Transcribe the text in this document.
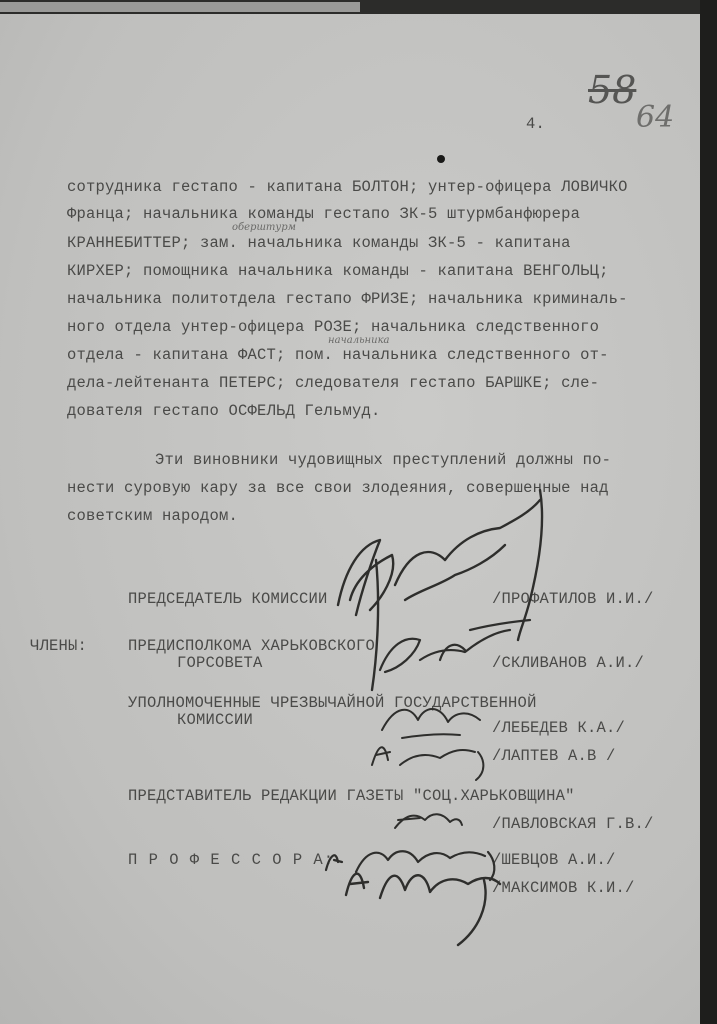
58
64
4.
сотрудника гестапо - капитана БОЛТОН; унтер-офицера ЛОВИЧКО
Франца; начальника команды гестапо ЗК-5 штурмбанфюрера
оберштурм
КРАННЕБИТТЕР; зам. начальника команды ЗК-5 - капитана
КИРХЕР; помощника начальника команды - капитана ВЕНГОЛЬЦ;
начальника политотдела гестапо ФРИЗЕ; начальника криминаль-
ного отдела унтер-офицера РОЗЕ; начальника следственного
начальника
отдела - капитана ФАСТ; пом. начальника следственного от-
дела-лейтенанта ПЕТЕРС; следователя гестапо БАРШКЕ; сле-
дователя гестапо ОСФЕЛЬД Гельмуд.
Эти виновники чудовищных преступлений должны по-
нести суровую кару за все свои злодеяния, совершенные над
советским народом.
ПРЕДСЕДАТЕЛЬ КОМИССИИ	/ПРОФАТИЛОВ И.И./
ЧЛЕНЫ:	ПРЕДИСПОЛКОМА ХАРЬКОВСКОГО
ГОРСОВЕТА	/СКЛИВАНОВ А.И./
УПОЛНОМОЧЕННЫЕ ЧРЕЗВЫЧАЙНОЙ ГОСУДАРСТВЕННОЙ
КОМИССИИ	/ЛЕБЕДЕВ К.А./
/ЛАПТЕВ А.В /
ПРЕДСТАВИТЕЛЬ РЕДАКЦИИ ГАЗЕТЫ "СОЦ.ХАРЬКОВЩИНА"
/ПАВЛОВСКАЯ Г.В./
П Р О Ф Е С С О Р А:	/ШЕВЦОВ А.И./
/МАКСИМОВ К.И./
